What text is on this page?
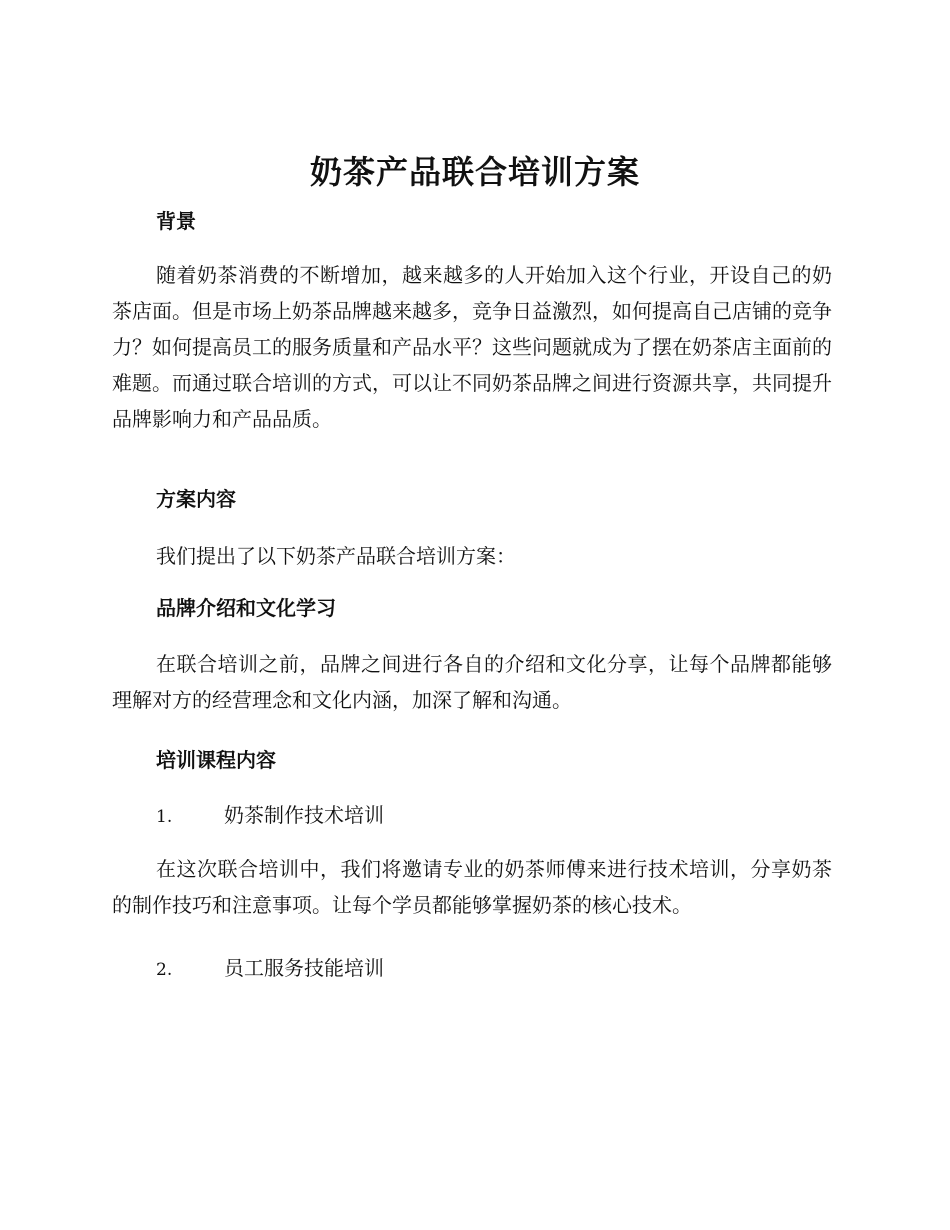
奶茶产品联合培训方案
背景

随着奶茶消费的不断增加，越来越多的人开始加入这个行业，开设自己的奶茶店面。但是市场上奶茶品牌越来越多，竞争日益激烈，如何提高自己店铺的竞争力？如何提高员工的服务质量和产品水平？这些问题就成为了摆在奶茶店主面前的难题。而通过联合培训的方式，可以让不同奶茶品牌之间进行资源共享，共同提升品牌影响力和产品品质。

方案内容

我们提出了以下奶茶产品联合培训方案：

品牌介绍和文化学习

在联合培训之前，品牌之间进行各自的介绍和文化分享，让每个品牌都能够理解对方的经营理念和文化内涵，加深了解和沟通。

培训课程内容
1.	奶茶制作技术培训

在这次联合培训中，我们将邀请专业的奶茶师傅来进行技术培训，分享奶茶的制作技巧和注意事项。让每个学员都能够掌握奶茶的核心技术。

2.	员工服务技能培训
